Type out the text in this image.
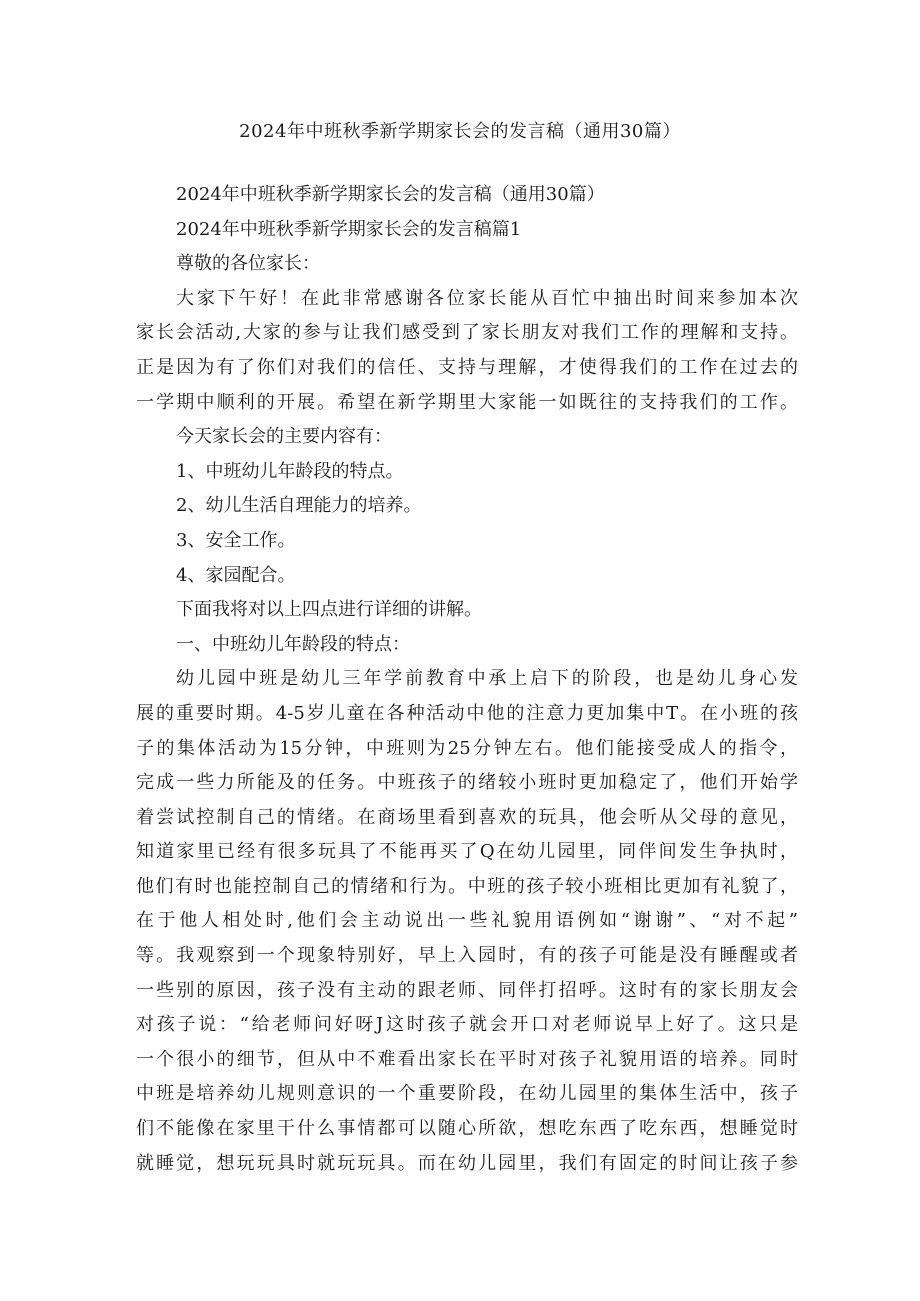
2024年中班秋季新学期家长会的发言稿（通用30篇）

2024年中班秋季新学期家长会的发言稿（通用30篇）

2024年中班秋季新学期家长会的发言稿篇1

尊敬的各位家长：

大家下午好！在此非常感谢各位家长能从百忙中抽出时间来参加本次

家长会活动,大家的参与让我们感受到了家长朋友对我们工作的理解和支持。

正是因为有了你们对我们的信任、支持与理解，才使得我们的工作在过去的

一学期中顺利的开展。希望在新学期里大家能一如既往的支持我们的工作。

今天家长会的主要内容有：

1、中班幼儿年龄段的特点。

2、幼儿生活自理能力的培养。

3、安全工作。

4、家园配合。

下面我将对以上四点进行详细的讲解。

一、中班幼儿年龄段的特点：

幼儿园中班是幼儿三年学前教育中承上启下的阶段，也是幼儿身心发

展的重要时期。4-5岁儿童在各种活动中他的注意力更加集中T。在小班的孩

子的集体活动为15分钟，中班则为25分钟左右。他们能接受成人的指令，

完成一些力所能及的任务。中班孩子的绪较小班时更加稳定了，他们开始学

着尝试控制自己的情绪。在商场里看到喜欢的玩具，他会听从父母的意见，

知道家里已经有很多玩具了不能再买了Q在幼儿园里，同伴间发生争执时，

他们有时也能控制自己的情绪和行为。中班的孩子较小班相比更加有礼貌了，

在于他人相处时,他们会主动说出一些礼貌用语例如“谢谢”、“对不起”

等。我观察到一个现象特别好，早上入园时，有的孩子可能是没有睡醒或者

一些别的原因，孩子没有主动的跟老师、同伴打招呼。这时有的家长朋友会

对孩子说：“给老师问好呀J这时孩子就会开口对老师说早上好了。这只是

一个很小的细节，但从中不难看出家长在平时对孩子礼貌用语的培养。同时

中班是培养幼儿规则意识的一个重要阶段，在幼儿园里的集体生活中，孩子

们不能像在家里干什么事情都可以随心所欲，想吃东西了吃东西，想睡觉时

就睡觉，想玩玩具时就玩玩具。而在幼儿园里，我们有固定的时间让孩子参
